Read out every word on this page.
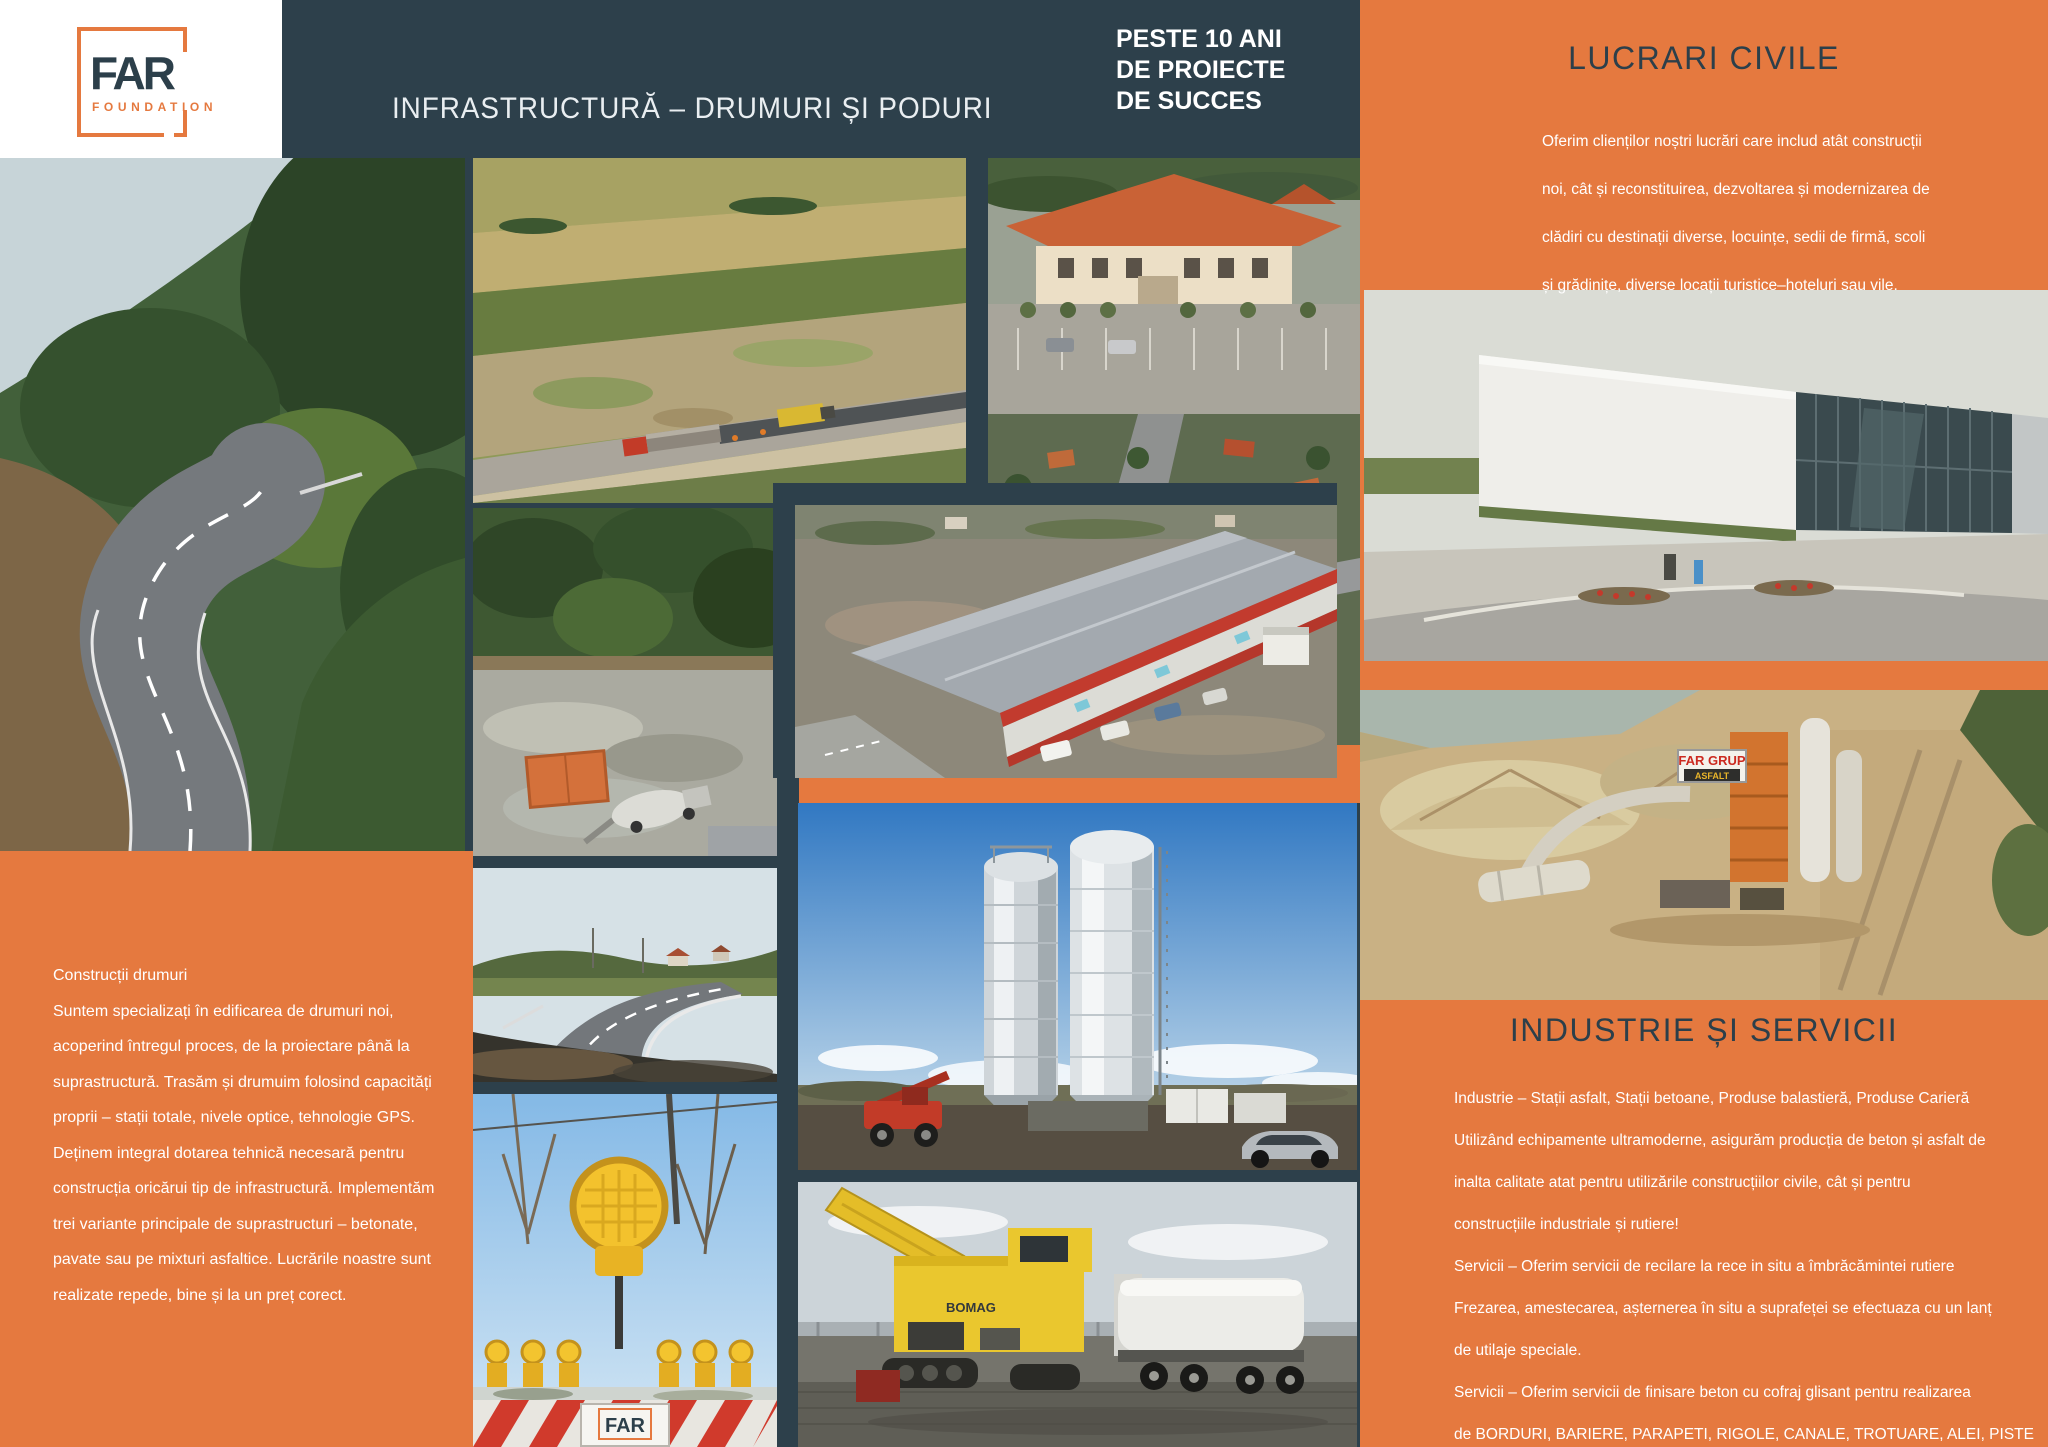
FAR
FAR GRUP
ASFALT
BOMAG
FAR
FOUNDATION	INFRASTRUCTURĂ – DRUMURI ȘI PODURI
PESTE 10 ANI
DE PROIECTE
DE SUCCES
LUCRARI CIVILE
Oferim clienților noștri lucrări care includ atât construcții
noi, cât și reconstituirea, dezvoltarea și modernizarea de
clădiri cu destinații diverse, locuințe, sedii de firmă, scoli
și grădinițe, diverse locații turistice–hoteluri sau vile.
Construcții drumuri
Suntem specializați în edificarea de drumuri noi,
acoperind întregul proces, de la proiectare până la
suprastructură. Trasăm și drumuim folosind capacități
proprii – stații totale, nivele optice, tehnologie GPS.
Deținem integral dotarea tehnică necesară pentru
construcția oricărui tip de infrastructură. Implementăm
trei variante principale de suprastructuri – betonate,
pavate sau pe mixturi asfaltice. Lucrările noastre sunt
realizate repede, bine și la un preț corect.
INDUSTRIE ȘI SERVICII
Industrie – Stații asfalt, Stații betoane, Produse balastieră, Produse Carieră
Utilizând echipamente ultramoderne, asigurăm producția de beton și asfalt de
inalta calitate atat pentru utilizările construcțiilor civile, cât și pentru
construcțiile industriale și rutiere!
Servicii – Oferim servicii de recilare la rece in situ a îmbrăcămintei rutiere
Frezarea, amestecarea, așternerea în situ a suprafeței se efectuaza cu un lanț
de utilaje speciale.
Servicii – Oferim servicii de finisare beton cu cofraj glisant pentru realizarea
de BORDURI, BARIERE, PARAPETI, RIGOLE, CANALE, TROTUARE, ALEI, PISTE
